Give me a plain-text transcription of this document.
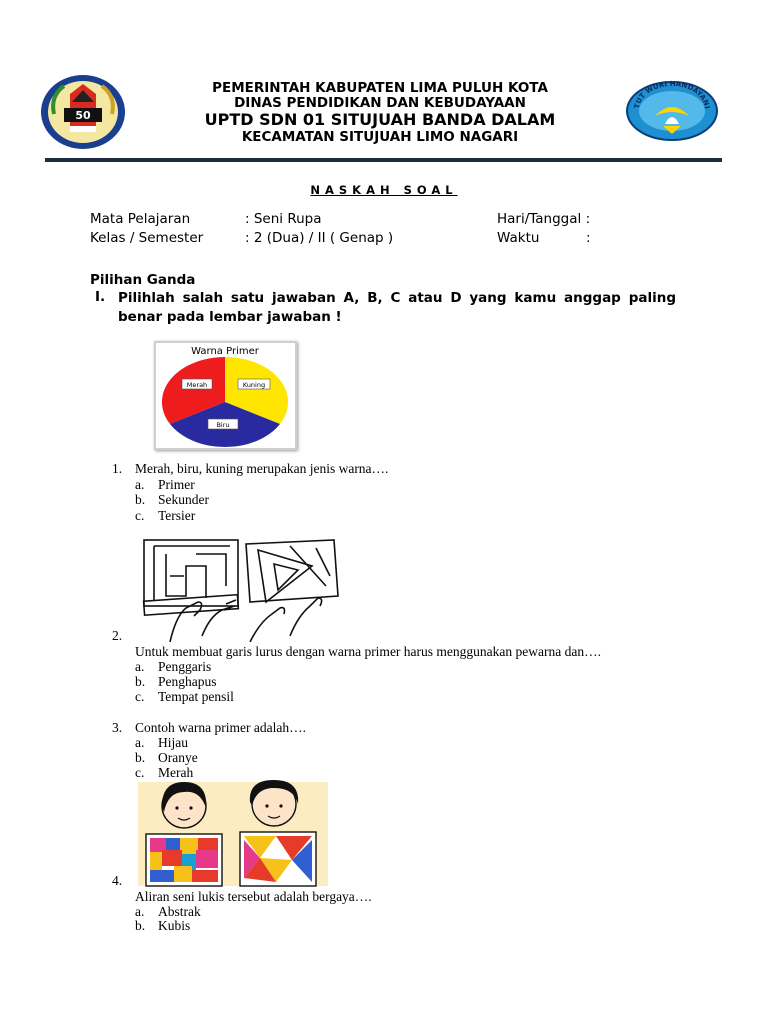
50
PEMERINTAH KABUPATEN LIMA PULUH KOTA
DINAS PENDIDIKAN DAN KEBUDAYAAN
UPTD SDN 01 SITUJUAH BANDA DALAM
KECAMATAN SITUJUAH LIMO NAGARI
TUT WURI HANDAYANI
NASKAH SOAL
Mata Pelajaran	: Seni Rupa	Hari/Tanggal :
Kelas / Semester	: 2 (Dua) / II ( Genap )	Waktu	:
Pilihan Ganda
I. Pilihlah salah satu jawaban A, B, C atau D yang kamu anggap paling benar pada lembar jawaban !
Warna Primer
Merah	Kuning
Biru
1. Merah, biru, kuning merupakan jenis warna….
a. Primer
b. Sekunder
c. Tersier
2.
Untuk membuat garis lurus dengan warna primer harus menggunakan pewarna dan….
a. Penggaris
b. Penghapus
c. Tempat pensil
3. Contoh warna primer adalah….
a. Hijau
b. Oranye
c. Merah
4.
Aliran seni lukis tersebut adalah bergaya….
a. Abstrak
b. Kubis
